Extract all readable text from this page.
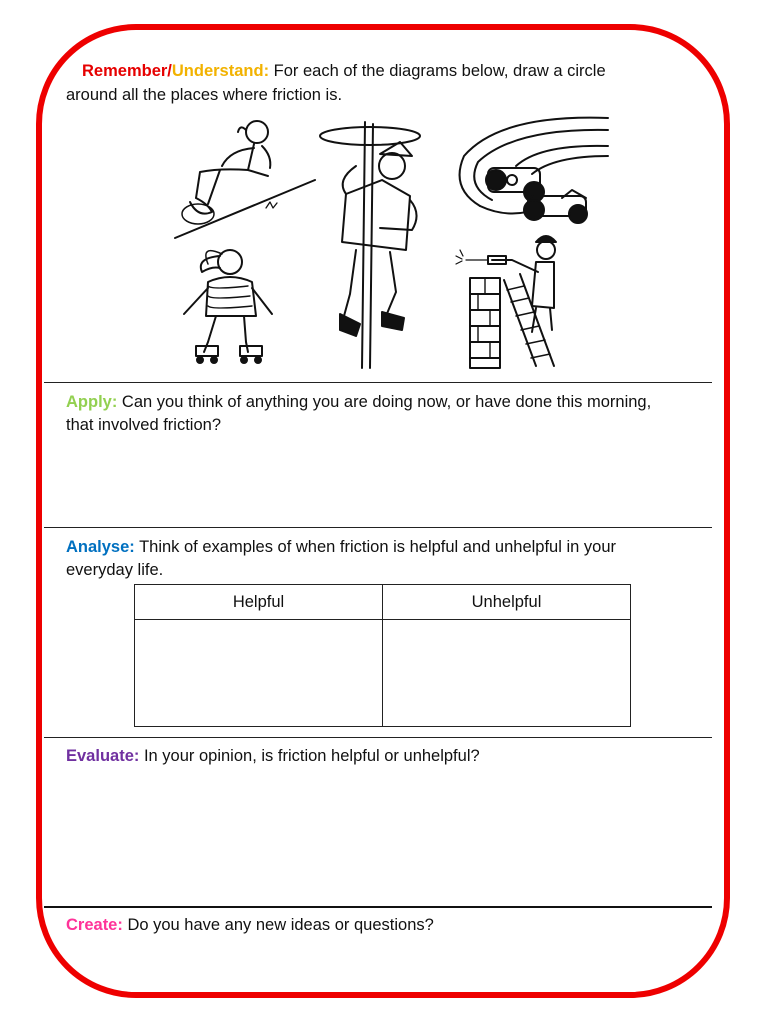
Remember/Understand: For each of the diagrams below, draw a circle
around all the places where friction is.
Apply: Can you think of anything you are doing now, or have done this morning,
that involved friction?
Analyse: Think of examples of when friction is helpful and unhelpful in your
everyday life.
Helpful	Unhelpful
Evaluate: In your opinion, is friction helpful or unhelpful?
Create: Do you have any new ideas or questions?
